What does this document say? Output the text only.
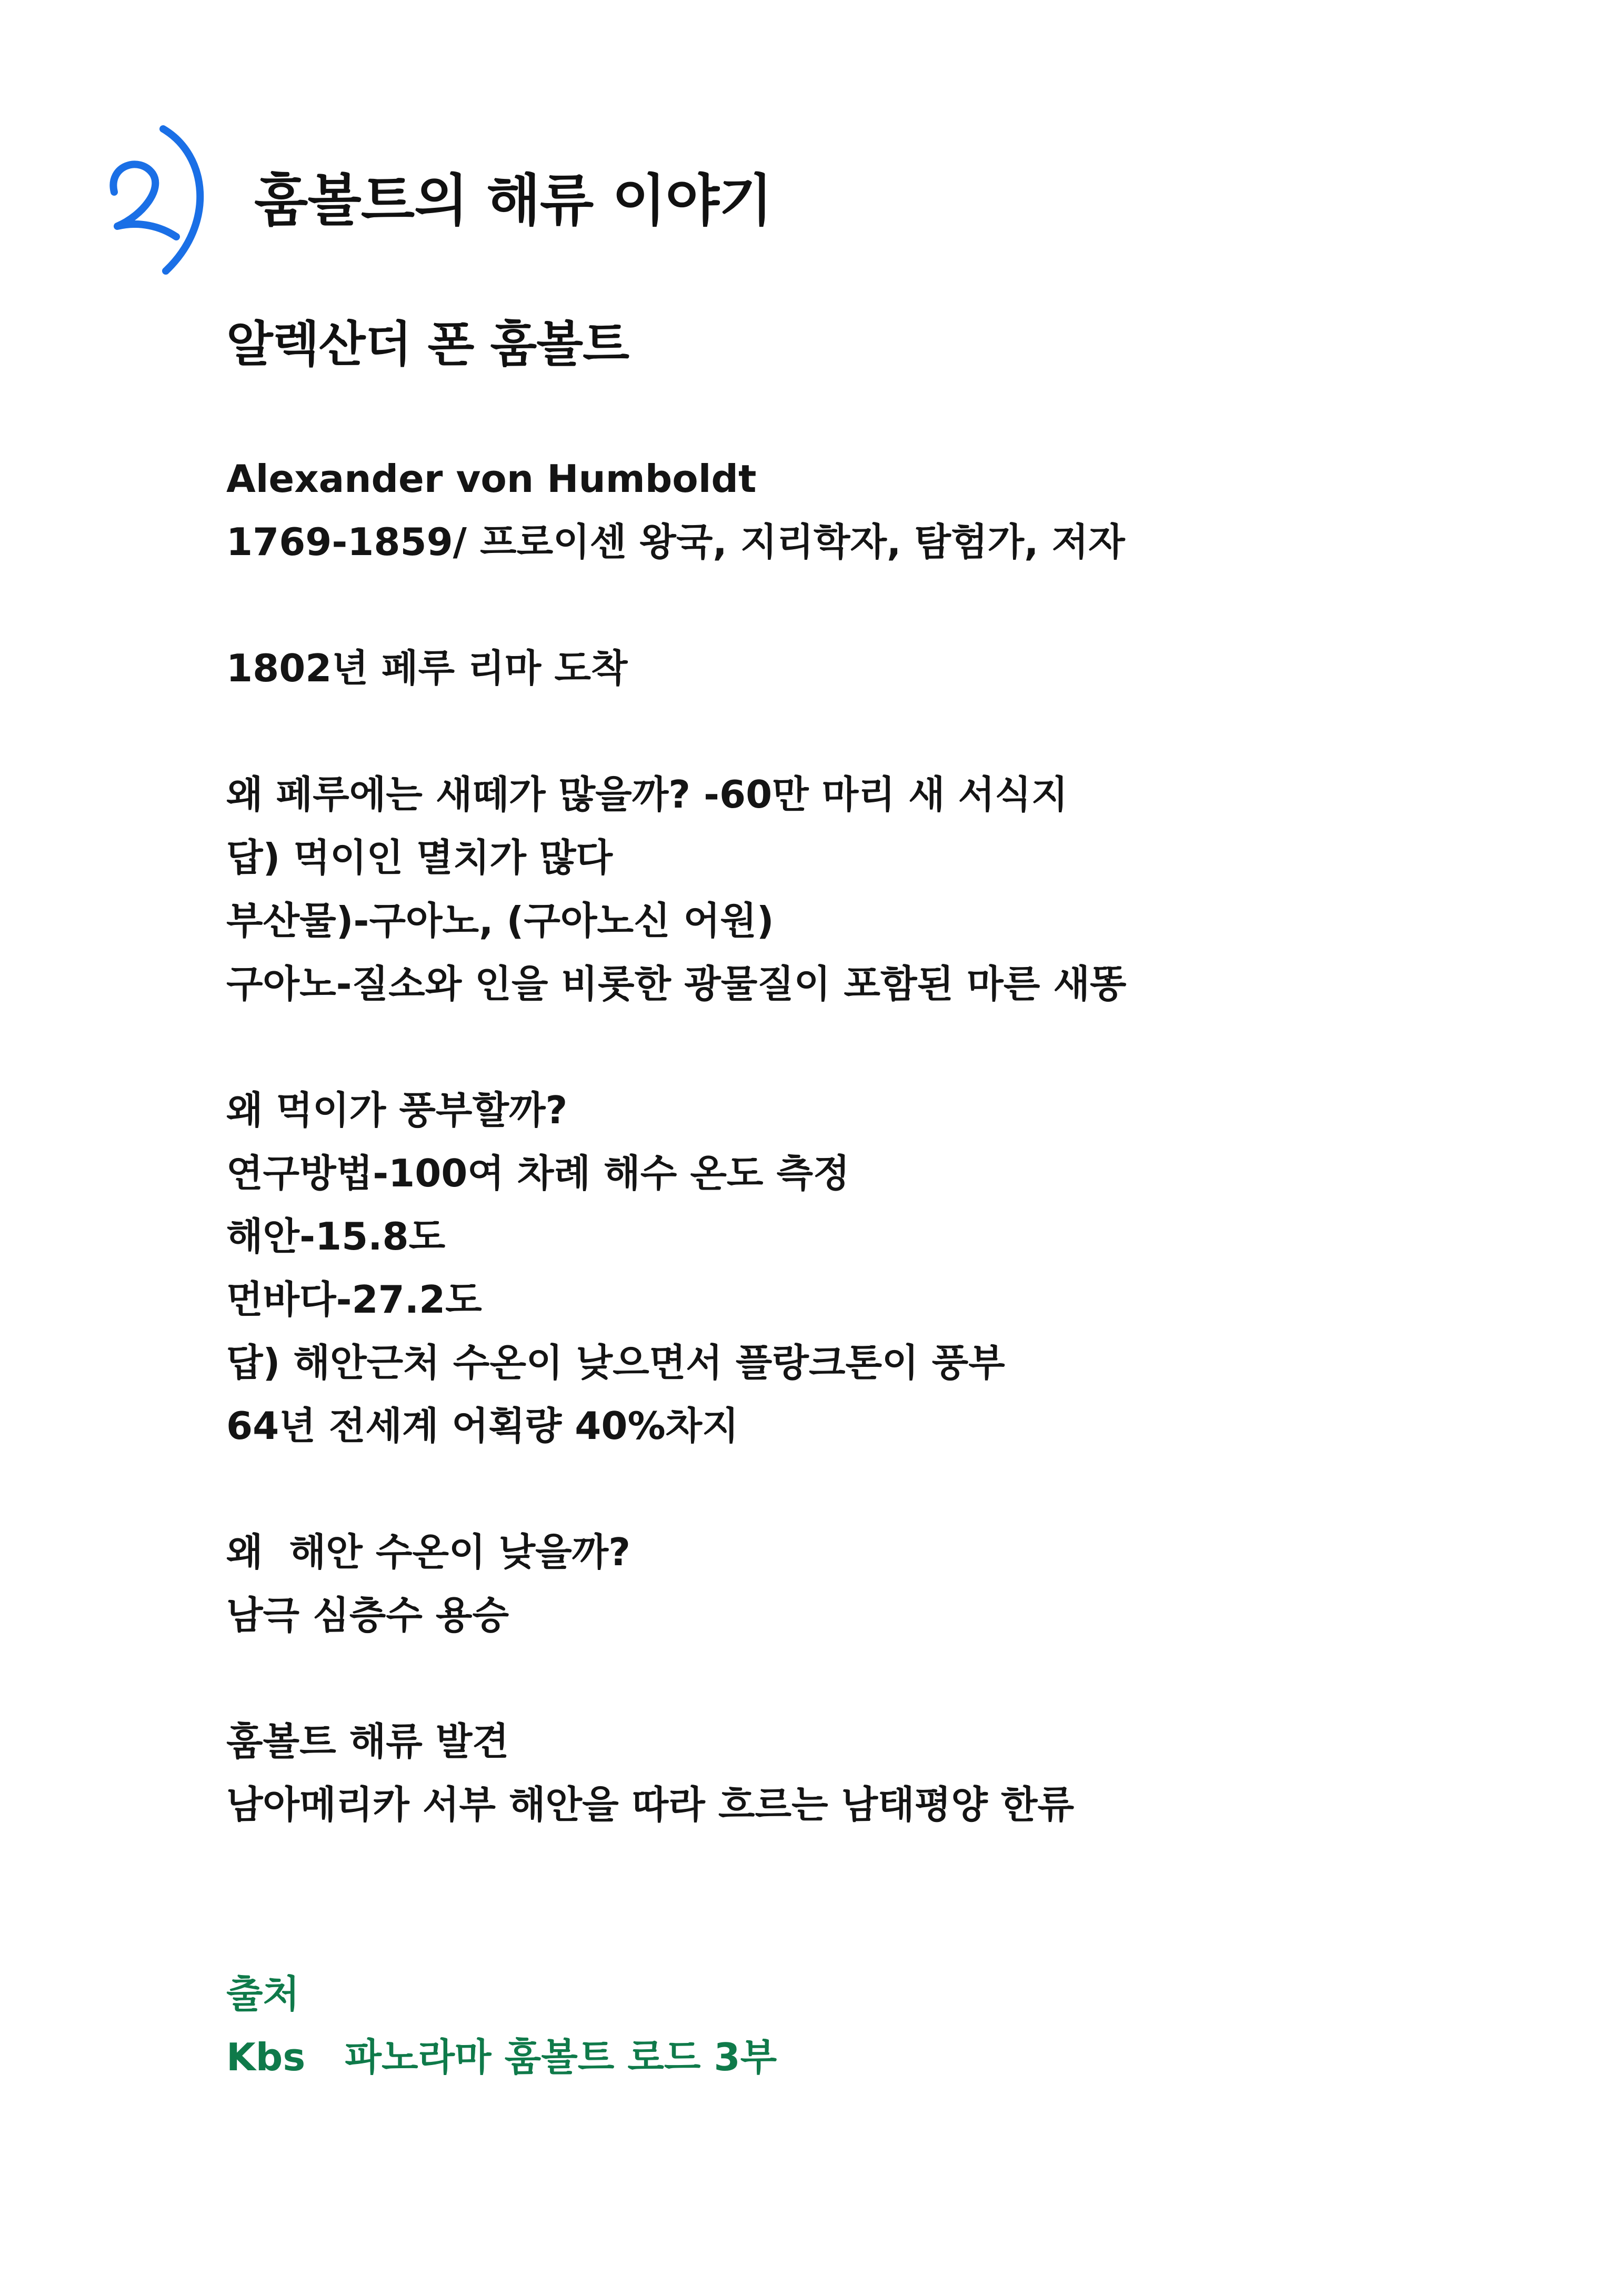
훔볼트의 해류 이야기
알렉산더 폰 훔볼트
Alexander von Humboldt
1769-1859/ 프로이센 왕국, 지리학자, 탐험가, 저자
1802년 페루 리마 도착
왜 페루에는 새떼가 많을까? -60만 마리 새 서식지
답) 먹이인 멸치가 많다
부산물)-구아노, (구아노신 어원)
구아노-질소와 인을 비롯한 광물질이 포함된 마른 새똥
왜 먹이가 풍부할까?
연구방법-100여 차례 해수 온도 측정
해안-15.8도
먼바다-27.2도
답) 해안근처 수온이 낮으면서 플랑크톤이 풍부
64년 전세계 어획량 40%차지
왜  해안 수온이 낮을까?
남극 심층수 용승
훔볼트 해류 발견
남아메리카 서부 해안을 따라 흐르는 남태평양 한류
출처
Kbs   파노라마 훔볼트 로드 3부
